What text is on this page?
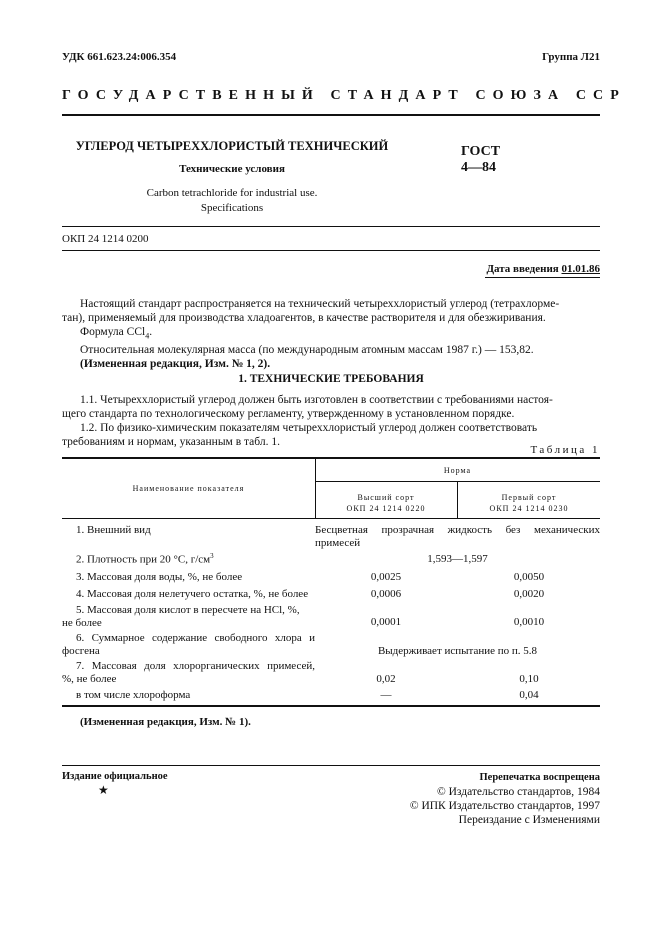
УДК 661.623.24:006.354	Группа Л21
ГОСУДАРСТВЕННЫЙ СТАНДАРТ СОЮЗА ССР
УГЛЕРОД ЧЕТЫРЕХХЛОРИСТЫЙ ТЕХНИЧЕСКИЙ
Технические условия
Carbon tetrachloride for industrial use.
Specifications
ГОСТ
4—84
ОКП 24 1214 0200
Дата введения 01.01.86
Настоящий стандарт распространяется на технический четыреххлористый углерод (тетрахлорме-
тан), применяемый для производства хладоагентов, в качестве растворителя и для обезжиривания.
Формула CCl$_4$.
Относительная молекулярная масса (по международным атомным массам 1987 г.) — 153,82.
(Измененная редакция, Изм. № 1, 2).
1. ТЕХНИЧЕСКИЕ ТРЕБОВАНИЯ
1.1. Четыреххлористый углерод должен быть изготовлен в соответствии с требованиями настоя-
щего стандарта по технологическому регламенту, утвержденному в установленном порядке.
1.2. По физико-химическим показателям четыреххлористый углерод должен соответствовать
требованиям и нормам, указанным в табл. 1.
Таблица 1
Наименование показателя
Норма
Высший сорт
ОКП 24 1214 0220
Первый сорт
ОКП 24 1214 0230
1. Внешний вид	Бесцветная прозрачная жидкость без механических
примесей
2. Плотность при 20 °С, $г/см^3$	1,593—1,597
3. Массовая доля воды, %, не более	0,0025	0,0050
4. Массовая доля нелетучего остатка, %, не более	0,0006	0,0020
5. Массовая доля кислот в пересчете на HCl, %,
не более	0,0001	0,0010
6. Суммарное содержание свободного хлора и
фосгена	Выдерживает испытание по п. 5.8
7. Массовая доля хлорорганических примесей,
%, не более	0,02	0,10
в том числе хлороформа	—	0,04
(Измененная редакция, Изм. № 1).
Издание официальное
★
Перепечатка воспрещена
© Издательство стандартов, 1984
© ИПК Издательство стандартов, 1997
Переиздание с Изменениями
